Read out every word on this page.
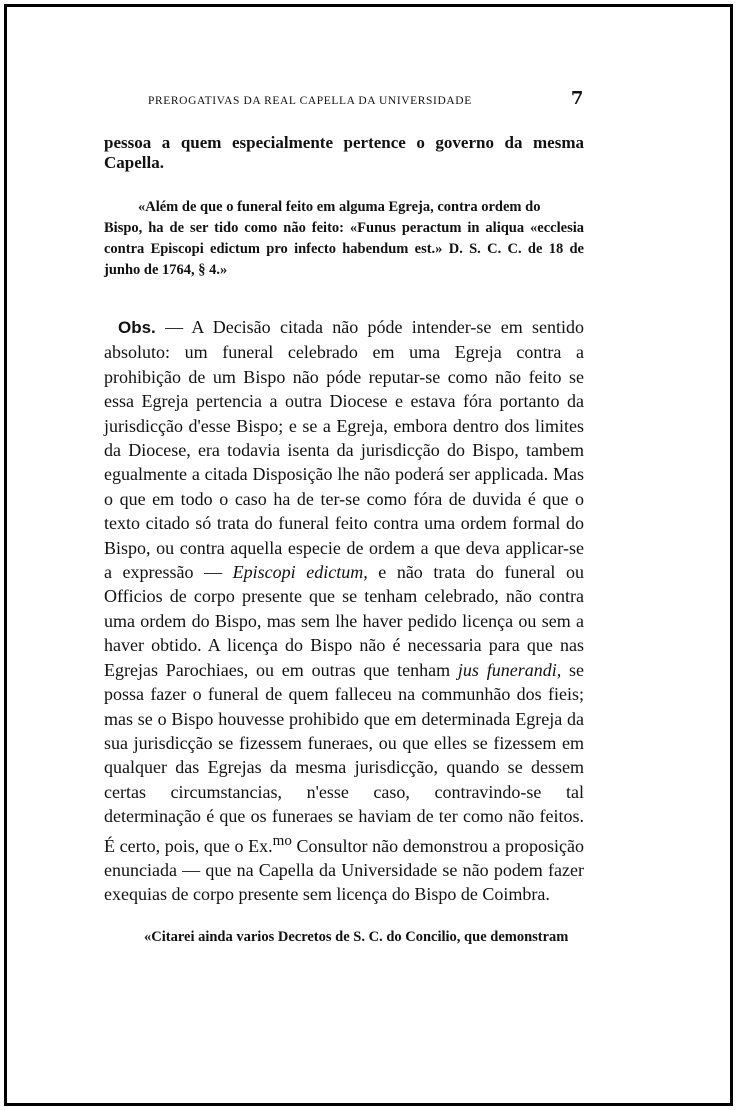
PREROGATIVAS DA REAL CAPELLA DA UNIVERSIDADE	7
pessoa a quem especialmente pertence o governo da mesma Capella.
«Além de que o funeral feito em alguma Egreja, contra ordem do
Bispo, ha de ser tido como não feito: «Funus peractum in aliqua «ecclesia contra Episcopi edictum pro infecto habendum est.» D. S. C. C. de 18 de junho de 1764, § 4.»
Obs. — A Decisão citada não póde intender-se em sentido absoluto: um funeral celebrado em uma Egreja contra a prohibição de um Bispo não póde reputar-se como não feito se essa Egreja pertencia a outra Diocese e estava fóra portanto da jurisdicção d'esse Bispo; e se a Egreja, embora dentro dos limites da Diocese, era todavia isenta da jurisdicção do Bispo, tambem egualmente a citada Disposição lhe não poderá ser applicada. Mas o que em todo o caso ha de ter-se como fóra de duvida é que o texto citado só trata do funeral feito contra uma ordem formal do Bispo, ou contra aquella especie de ordem a que deva applicar-se a expressão — Episcopi edictum, e não trata do funeral ou Officios de corpo presente que se tenham celebrado, não contra uma ordem do Bispo, mas sem lhe haver pedido licença ou sem a haver obtido. A licença do Bispo não é necessaria para que nas Egrejas Parochiaes, ou em outras que tenham jus funerandi, se possa fazer o funeral de quem falleceu na communhão dos fieis; mas se o Bispo houvesse prohibido que em determinada Egreja da sua jurisdicção se fizessem funeraes, ou que elles se fizessem em qualquer das Egrejas da mesma jurisdicção, quando se dessem certas circumstancias, n'esse caso, contravindo-se tal determinação é que os funeraes se haviam de ter como não feitos. É certo, pois, que o Ex.$^{mo}$ Consultor não demonstrou a proposição enunciada — que na Capella da Universidade se não podem fazer exequias de corpo presente sem licença do Bispo de Coimbra.
«Citarei ainda varios Decretos de S. C. do Concilio, que demonstram
